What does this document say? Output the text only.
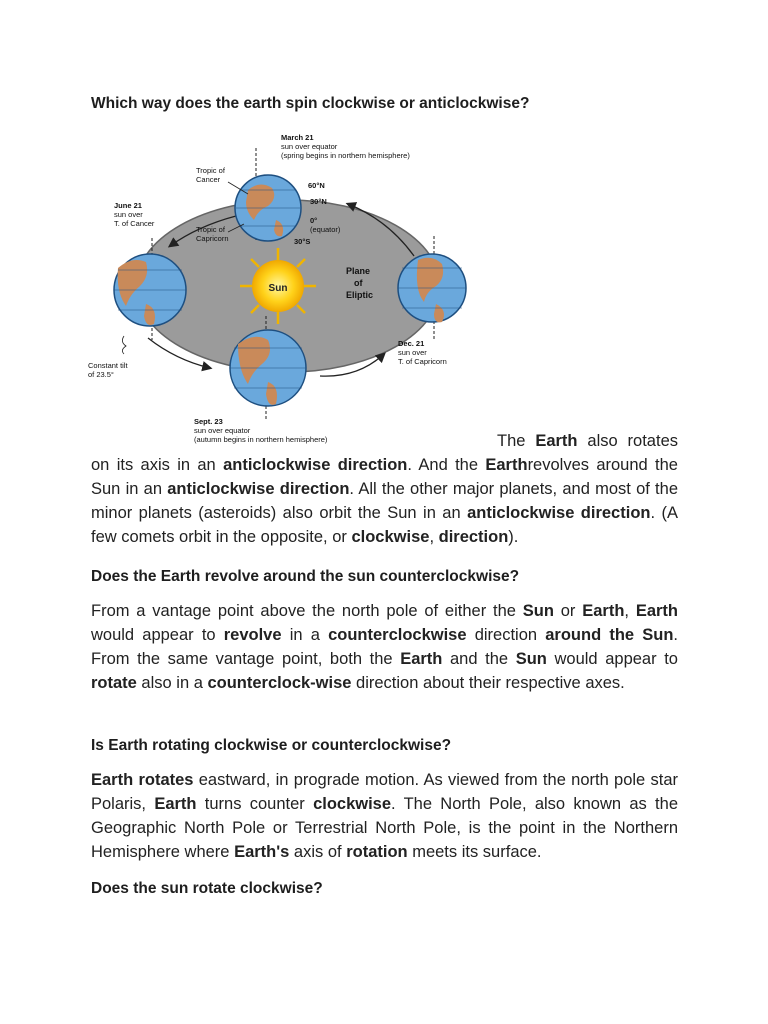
Which way does the earth spin clockwise or anticlockwise?
Sun
March 21
sun over equator
(spring begins in northern hemisphere)
Tropic of
Cancer
60°N
30°N
0°
(equator)
30°S
June 21
sun over
T. of Cancer
Tropic of
Capricorn
Plane
of
Eliptic
Constant tilt
of 23.5°
Dec. 21
sun over
T. of Capricorn
Sept. 23
sun over equator
(autumn begins in northern hemisphere)	The Earth also rotates on its axis in an anticlockwise direction. And the Earthrevolves around the Sun in an anticlockwise direction. All the other major planets, and most of the minor planets (asteroids) also orbit the Sun in an anticlockwise direction. (A few comets orbit in the opposite, or clockwise, direction).

Does the Earth revolve around the sun counterclockwise?

From a vantage point above the north pole of either the Sun or Earth, Earth would appear to revolve in a counterclockwise direction around the Sun. From the same vantage point, both the Earth and the Sun would appear to rotate also in a counterclock-wise direction about their respective axes.

Is Earth rotating clockwise or counterclockwise?

Earth rotates eastward, in prograde motion. As viewed from the north pole star Polaris, Earth turns counter clockwise. The North Pole, also known as the Geographic North Pole or Terrestrial North Pole, is the point in the Northern Hemisphere where Earth's axis of rotation meets its surface.

Does the sun rotate clockwise?
